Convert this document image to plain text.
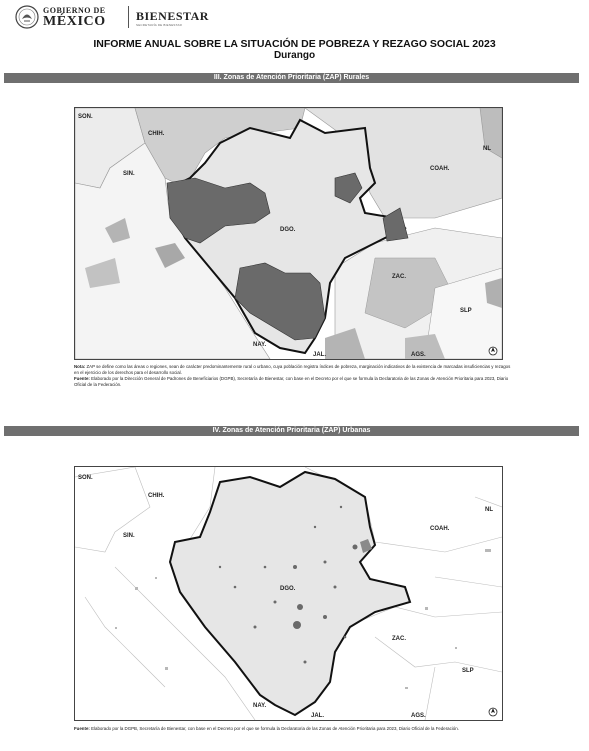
GOBIERNO DE
MÉXICO	BIENESTAR
SECRETARÍA DE BIENESTAR
INFORME ANUAL SOBRE LA SITUACIÓN DE POBREZA Y REZAGO SOCIAL 2023
Durango
III. Zonas de Atención Prioritaria (ZAP) Rurales
SON.
CHIH.
SIN.
DGO.
COAH.
NL
ZAC.
SLP
NAY.
JAL.	AGS.
Nota: ZAP se define como las áreas o regiones, sean de carácter predominantemente rural o urbano, cuya población registra índices de pobreza, marginación indicativos de la existencia de marcadas insuficiencias y rezagos en el ejercicio de los derechos para el desarrollo social.
Fuente: Elaborado por la Dirección General de Padrones de Beneficiarios (DGPB), Secretaría de Bienestar, con base en el Decreto por el que se formula la Declaratoria de las Zonas de Atención Prioritaria para 2023, Diario Oficial de la Federación.
IV. Zonas de Atención Prioritaria (ZAP) Urbanas
SON.
CHIH.
SIN.
DGO.
COAH.
NL
ZAC.
SLP
NAY.
JAL.	AGS.
Fuente: Elaborado por la DGPB, Secretaría de Bienestar, con base en el Decreto por el que se formula la Declaratoria de las Zonas de Atención Prioritaria para 2023, Diario Oficial de la Federación.
